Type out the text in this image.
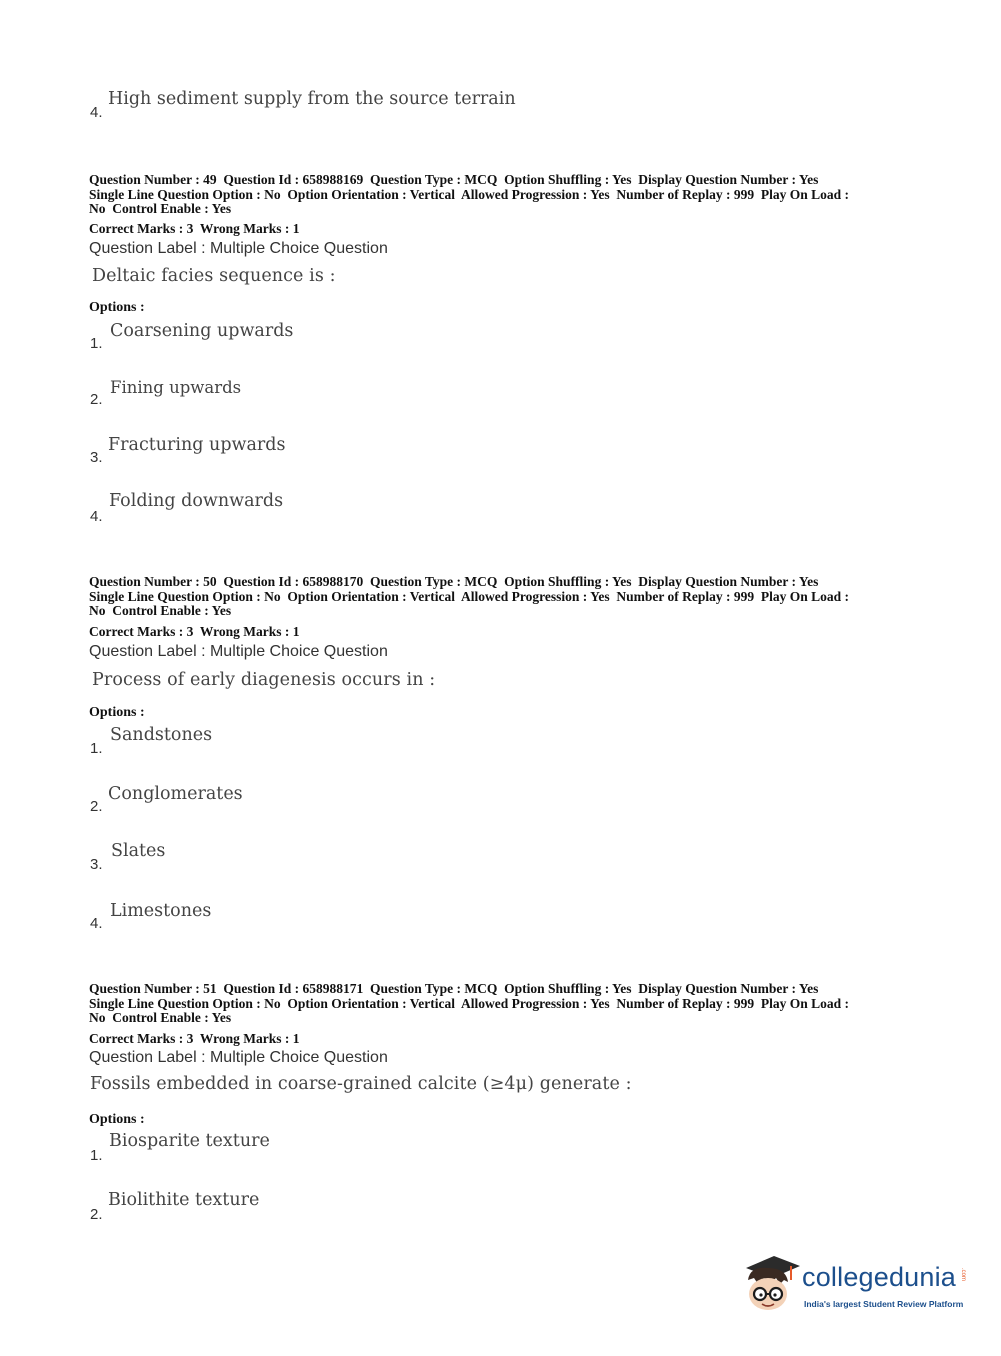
4.
High sediment supply from the source terrain
Question Number : 49  Question Id : 658988169  Question Type : MCQ  Option Shuffling : Yes  Display Question Number : Yes
Single Line Question Option : No  Option Orientation : Vertical  Allowed Progression : Yes  Number of Replay : 999  Play On Load :
No  Control Enable : Yes
Correct Marks : 3  Wrong Marks : 1
Question Label : Multiple Choice Question
Deltaic facies sequence is :
Options :
1.
Coarsening upwards
2.
Fining upwards
3.
Fracturing upwards
4.
Folding downwards
Question Number : 50  Question Id : 658988170  Question Type : MCQ  Option Shuffling : Yes  Display Question Number : Yes
Single Line Question Option : No  Option Orientation : Vertical  Allowed Progression : Yes  Number of Replay : 999  Play On Load :
No  Control Enable : Yes
Correct Marks : 3  Wrong Marks : 1
Question Label : Multiple Choice Question
Process of early diagenesis occurs in :
Options :
1.
Sandstones
2.
Conglomerates
3.
Slates
4.
Limestones
Question Number : 51  Question Id : 658988171  Question Type : MCQ  Option Shuffling : Yes  Display Question Number : Yes
Single Line Question Option : No  Option Orientation : Vertical  Allowed Progression : Yes  Number of Replay : 999  Play On Load :
No  Control Enable : Yes
Correct Marks : 3  Wrong Marks : 1
Question Label : Multiple Choice Question
Fossils embedded in coarse-grained calcite (≥4μ) generate :
Options :
1.
Biosparite texture
2.
Biolithite texture
collegedunia .com
India's largest Student Review Platform
